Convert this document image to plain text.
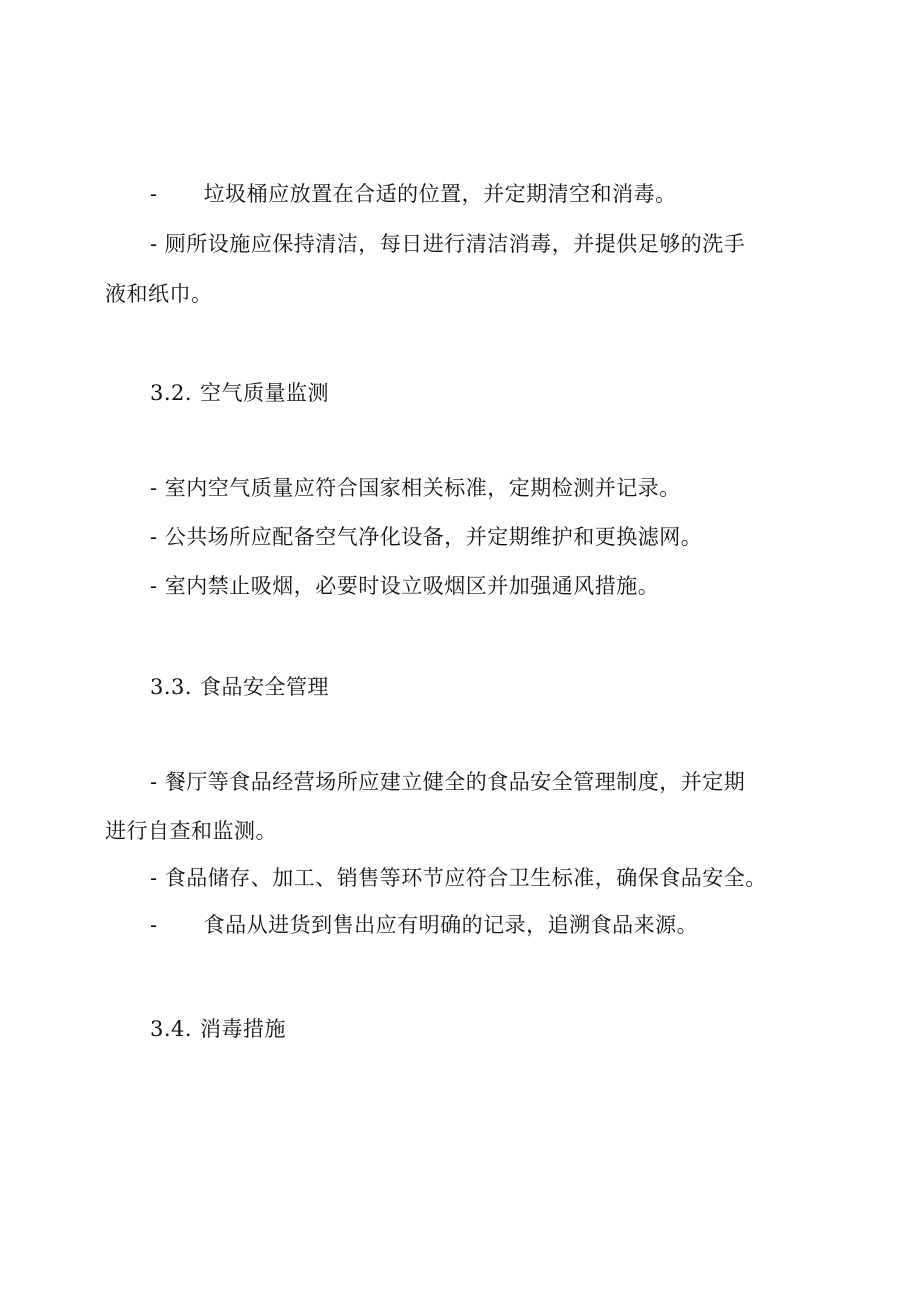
- 垃圾桶应放置在合适的位置，并定期清空和消毒。
- 厕所设施应保持清洁，每日进行清洁消毒，并提供足够的洗手
液和纸巾。
3.2. 空气质量监测
- 室内空气质量应符合国家相关标准，定期检测并记录。
- 公共场所应配备空气净化设备，并定期维护和更换滤网。
- 室内禁止吸烟，必要时设立吸烟区并加强通风措施。
3.3. 食品安全管理
- 餐厅等食品经营场所应建立健全的食品安全管理制度，并定期
进行自查和监测。
- 食品储存、加工、销售等环节应符合卫生标准，确保食品安全。
- 食品从进货到售出应有明确的记录，追溯食品来源。
3.4. 消毒措施
